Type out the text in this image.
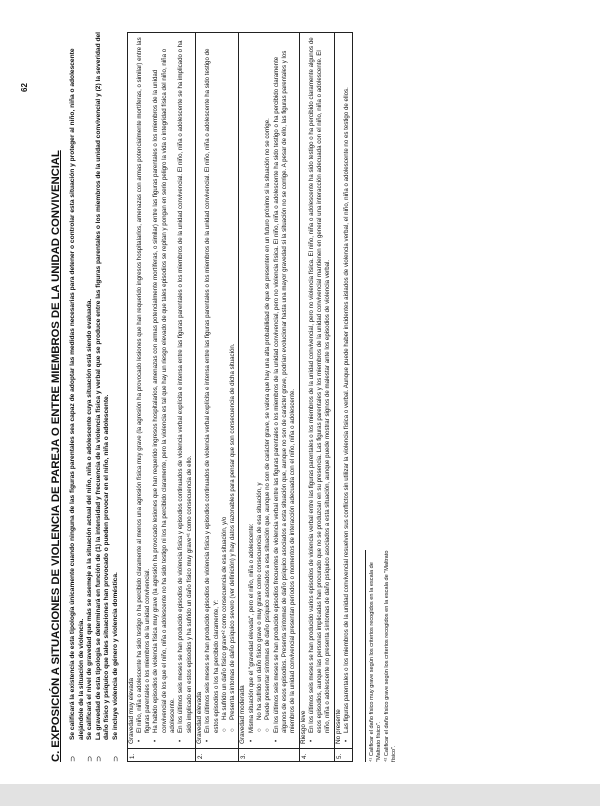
62
C. EXPOSICIÓN A SITUACIONES DE VIOLENCIA DE PAREJA O ENTRE MIEMBROS DE LA UNIDAD CONVIVENCIAL ⊃
Se calificará la existencia de esta tipología únicamente cuando ninguna de las figuras parentales sea capaz de adoptar las medidas necesarias para detener o controlar esta situación y proteger al niño, niña o adolescente alejándole de la situación de violencia.
⊃
Se calificará el nivel de gravedad que más se asemeje a la situación actual del niño, niña o adolescente cuya situación está siendo evaluada.
⊃
La gravedad de esta tipología se determinará en función de (1) la intensidad y frecuencia de la violencia física y verbal que se produce entre las figuras parentales o los miembros de la unidad convivencial y (2) la severidad del daño físico y psíquico que tales situaciones han provocado o pueden provocar en el niño, niña o adolescente.
⊃
Se incluye violencia de género y violencia doméstica.
1.
Gravedad muy elevada •
El niño, niña o adolescente ha sido testigo o ha percibido claramente al menos una agresión física muy grave (la agresión ha provocado lesiones que han requerido ingresos hospitalarios, amenazas con armas potencialmente mortíferas, o similar) entre las figuras parentales o los miembros de la unidad convivencial.
•
Ha habido episodios de violencia física muy grave (la agresión ha provocado lesiones que han requerido ingresos hospitalarios, amenazas con armas potencialmente mortíferas, o similar) entre las figuras parentales o los miembros de la unidad convivencial de los que el niño, niña o adolescente no ha sido testigo ni los ha percibido claramente, pero la violencia es tal que hay un riesgo elevado de que tales episodios se repitan y pongan en serio peligro la vida o integridad física del niño, niña o adolescente.
•
En los últimos seis meses se han producido episodios de violencia física y episodios continuados de violencia verbal explícita e intensa entre las figuras parentales o los miembros de la unidad convivencial. El niño, niña o adolescente se ha implicado o ha sido implicado en estos episodios y ha sufrido un daño físico muy grave⁴¹ como consecuencia de ello.
2.
Gravedad elevada •
En los últimos seis meses se han producido episodios de violencia física y episodios continuados de violencia verbal explícita e intensa entre las figuras parentales o los miembros de la unidad convivencial. El niño, niña o adolescente ha sido testigo de estos episodios o los ha percibido claramente, Y: ○
Ha sufrido un daño físico grave⁴² como consecuencia de esa situación, y/o
○
Presenta síntomas de daño psíquico severo (ver definición) y hay datos razonables para pensar que son consecuencia de dicha situación.
3.
Gravedad moderada •
Misma situación que el "gravedad elevada", pero el niño, niña o adolescente: ○
No ha sufrido un daño físico grave o muy grave como consecuencia de esa situación, y
○
Puede presentar síntomas de daño psíquico asociados a esa situación que, aunque no son de carácter grave, se valora que hay una alta probabilidad de que se presenten en un futuro próximo si la situación no se corrige.
•
En los últimos seis meses se han producido episodios frecuentes de violencia verbal entre las figuras parentales o los miembros de la unidad convivencial, pero no violencia física. El niño, niña o adolescente ha sido testigo o ha percibido claramente algunos de esos episodios. Presenta síntomas de daño psíquico asociados a esta situación que, aunque no son de carácter grave, podrían evolucionar hasta una mayor gravedad si la situación no se corrige. A pesar de ello, las figuras parentales y los miembros de la unidad convivencial presentan períodos o momentos de interacción adecuada con el niño, niña o adolescente.
4.
Riesgo leve •
En los últimos seis meses se han producido varios episodios de violencia verbal entre las figuras parentales o los miembros de la unidad convivencial, pero no violencia física. El niño, niña o adolescente ha sido testigo o ha percibido claramente algunos de esos episodios, aunque las personas implicadas han procurado que no se produzcan en su presencia. Las figuras parentales y los miembros de la unidad convivencial mantienen en general una interacción adecuada con el niño, niña o adolescente. El niño, niña o adolescente no presenta síntomas de daño psíquico asociados a esta situación, aunque puede mostrar signos de malestar ante los episodios de violencia verbal.
5.
No presente •
Las figuras parentales o los miembros de la unidad convivencial resuelven sus conflictos sin utilizar la violencia física o verbal. Aunque puede haber incidentes aislados de violencia verbal, el niño, niña o adolescente no es testigo de ellos.	⁴¹ Calificar el daño físico muy grave según los criterios recogidos en la escala de "Maltrato físico". ⁴² Calificar el daño físico grave según los criterios recogidos en la escala de "Maltrato físico".
